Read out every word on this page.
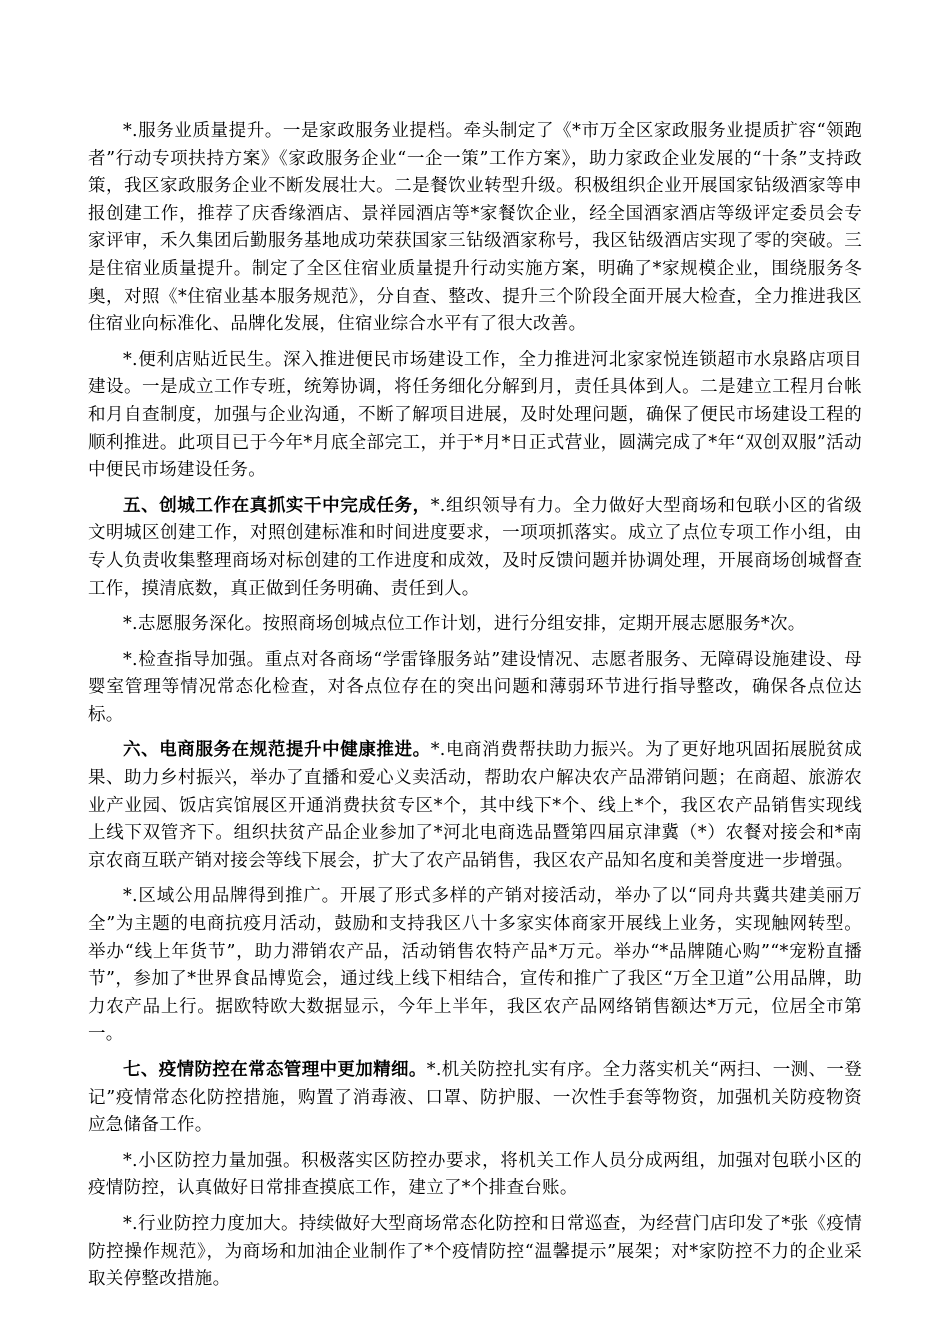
*.服务业质量提升。一是家政服务业提档。牵头制定了《*市万全区家政服务业提质扩容“领跑者”行动专项扶持方案》《家政服务企业“一企一策”工作方案》，助力家政企业发展的“十条”支持政策，我区家政服务企业不断发展壮大。二是餐饮业转型升级。积极组织企业开展国家钻级酒家等申报创建工作，推荐了庆香缘酒店、景祥园酒店等*家餐饮企业，经全国酒家酒店等级评定委员会专家评审，禾久集团后勤服务基地成功荣获国家三钻级酒家称号，我区钻级酒店实现了零的突破。三是住宿业质量提升。制定了全区住宿业质量提升行动实施方案，明确了*家规模企业，围绕服务冬奥，对照《*住宿业基本服务规范》，分自查、整改、提升三个阶段全面开展大检查，全力推进我区住宿业向标准化、品牌化发展，住宿业综合水平有了很大改善。

*.便利店贴近民生。深入推进便民市场建设工作，全力推进河北家家悦连锁超市水泉路店项目建设。一是成立工作专班，统筹协调，将任务细化分解到月，责任具体到人。二是建立工程月台帐和月自查制度，加强与企业沟通，不断了解项目进展，及时处理问题，确保了便民市场建设工程的顺利推进。此项目已于今年*月底全部完工，并于*月*日正式营业，圆满完成了*年“双创双服”活动中便民市场建设任务。

五、创城工作在真抓实干中完成任务，*.组织领导有力。全力做好大型商场和包联小区的省级文明城区创建工作，对照创建标准和时间进度要求，一项项抓落实。成立了点位专项工作小组，由专人负责收集整理商场对标创建的工作进度和成效，及时反馈问题并协调处理，开展商场创城督查工作，摸清底数，真正做到任务明确、责任到人。

*.志愿服务深化。按照商场创城点位工作计划，进行分组安排，定期开展志愿服务*次。

*.检查指导加强。重点对各商场“学雷锋服务站”建设情况、志愿者服务、无障碍设施建设、母婴室管理等情况常态化检查，对各点位存在的突出问题和薄弱环节进行指导整改，确保各点位达标。

六、电商服务在规范提升中健康推进。*.电商消费帮扶助力振兴。为了更好地巩固拓展脱贫成果、助力乡村振兴，举办了直播和爱心义卖活动，帮助农户解决农产品滞销问题；在商超、旅游农业产业园、饭店宾馆展区开通消费扶贫专区*个，其中线下*个、线上*个，我区农产品销售实现线上线下双管齐下。组织扶贫产品企业参加了*河北电商选品暨第四届京津冀（*）农餐对接会和*南京农商互联产销对接会等线下展会，扩大了农产品销售，我区农产品知名度和美誉度进一步增强。

*.区域公用品牌得到推广。开展了形式多样的产销对接活动，举办了以“同舟共冀共建美丽万全”为主题的电商抗疫月活动，鼓励和支持我区八十多家实体商家开展线上业务，实现触网转型。举办“线上年货节”，助力滞销农产品，活动销售农特产品*万元。举办“*品牌随心购”“*宠粉直播节”，参加了*世界食品博览会，通过线上线下相结合，宣传和推广了我区“万全卫道”公用品牌，助力农产品上行。据欧特欧大数据显示，今年上半年，我区农产品网络销售额达*万元，位居全市第一。

七、疫情防控在常态管理中更加精细。*.机关防控扎实有序。全力落实机关“两扫、一测、一登记”疫情常态化防控措施，购置了消毒液、口罩、防护服、一次性手套等物资，加强机关防疫物资应急储备工作。

*.小区防控力量加强。积极落实区防控办要求，将机关工作人员分成两组，加强对包联小区的疫情防控，认真做好日常排查摸底工作，建立了*个排查台账。

*.行业防控力度加大。持续做好大型商场常态化防控和日常巡查，为经营门店印发了*张《疫情防控操作规范》，为商场和加油企业制作了*个疫情防控“温馨提示”展架；对*家防控不力的企业采取关停整改措施。
